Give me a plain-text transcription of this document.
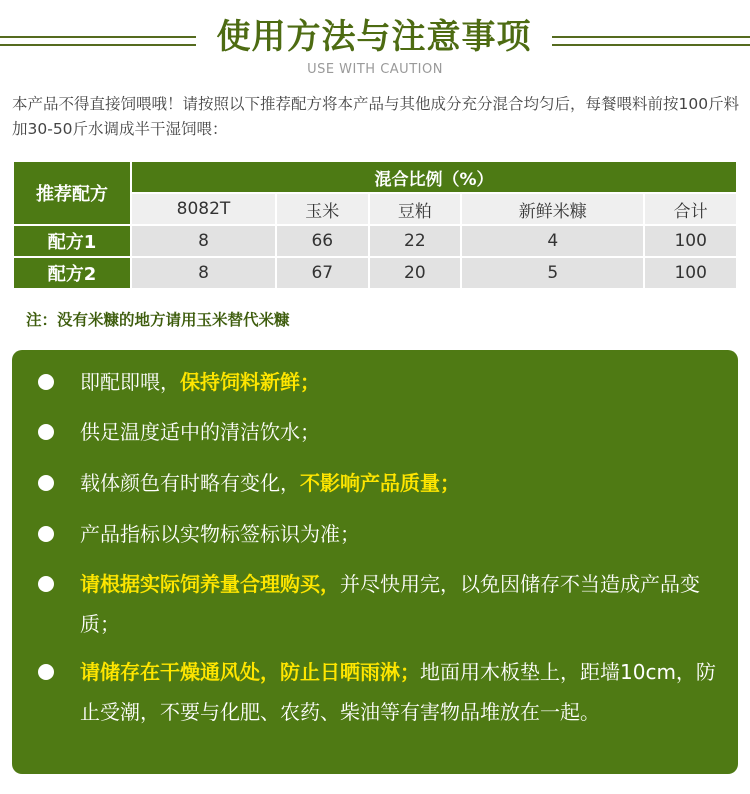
使用方法与注意事项
USE WITH CAUTION
本产品不得直接饲喂哦！请按照以下推荐配方将本产品与其他成分充分混合均匀后，每餐喂料前按100斤料加30-50斤水调成半干湿饲喂：
推荐配方	混合比例（%）				
	8082T	玉米	豆粕	新鲜米糠	合计
配方1	8	66	22	4	100
配方2	8	67	20	5	100
注：没有米糠的地方请用玉米替代米糠
即配即喂，保持饲料新鲜；
供足温度适中的清洁饮水；
载体颜色有时略有变化，不影响产品质量；
产品指标以实物标签标识为准；
请根据实际饲养量合理购买，并尽快用完，以免因储存不当造成产品变质；
请储存在干燥通风处，防止日晒雨淋；地面用木板垫上，距墙10cm，防止受潮，不要与化肥、农药、柴油等有害物品堆放在一起。
